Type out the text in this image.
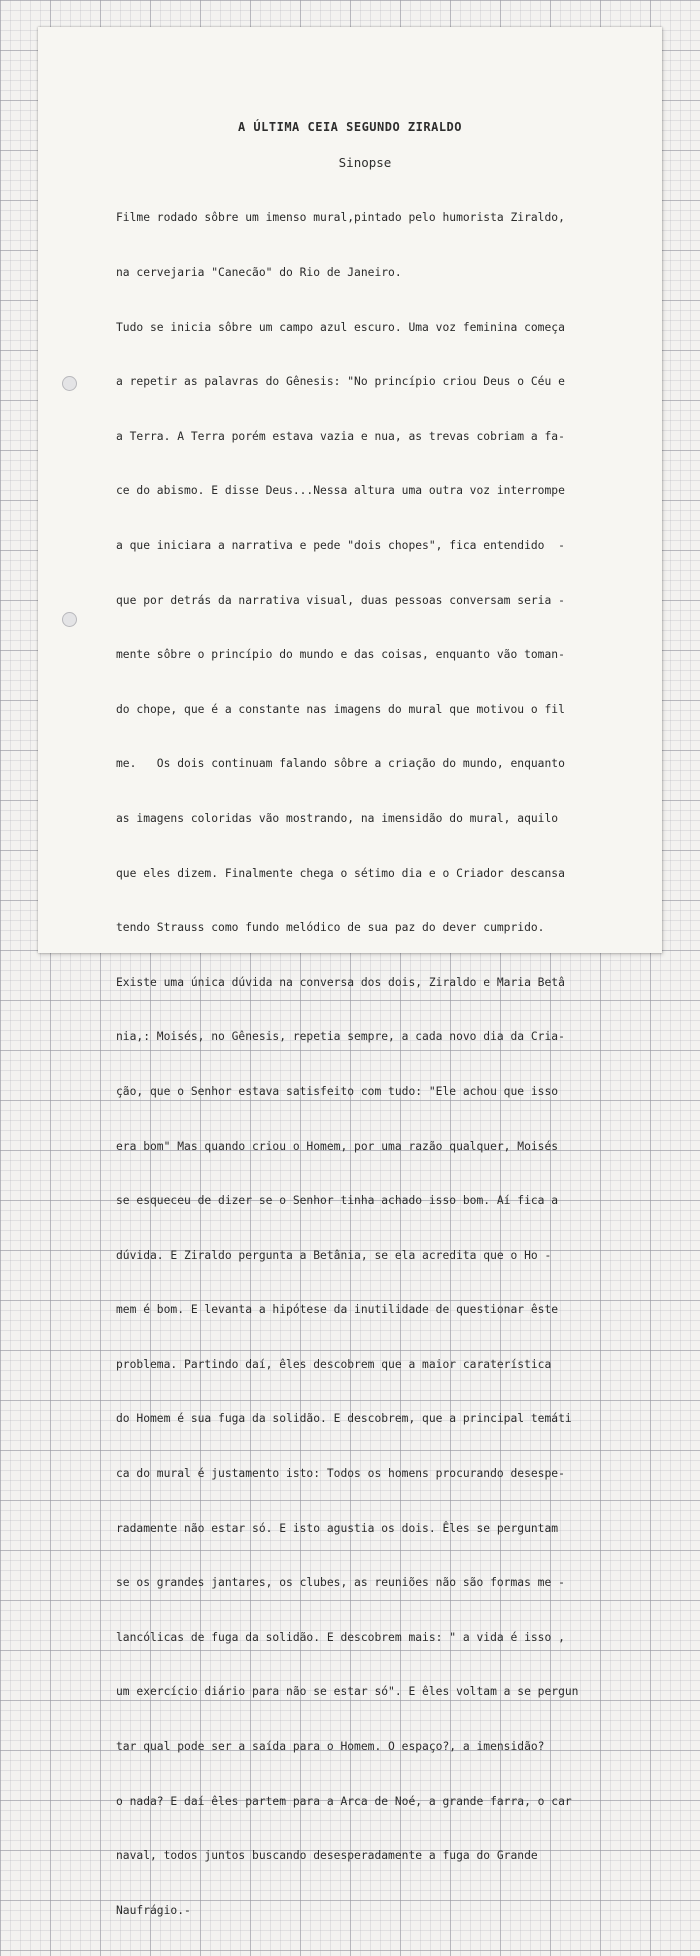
A ÚLTIMA CEIA SEGUNDO ZIRALDO
Sinopse

Filme rodado sôbre um imenso mural,pintado pelo humorista Ziraldo,

na cervejaria "Canecão" do Rio de Janeiro.

Tudo se inicia sôbre um campo azul escuro. Uma voz feminina começa

a repetir as palavras do Gênesis: "No princípio criou Deus o Céu e

a Terra. A Terra porém estava vazia e nua, as trevas cobriam a fa-

ce do abismo. E disse Deus...Nessa altura uma outra voz interrompe

a que iniciara a narrativa e pede "dois chopes", fica entendido  -

que por detrás da narrativa visual, duas pessoas conversam seria -

mente sôbre o princípio do mundo e das coisas, enquanto vão toman-

do chope, que é a constante nas imagens do mural que motivou o fil

me.   Os dois continuam falando sôbre a criação do mundo, enquanto

as imagens coloridas vão mostrando, na imensidão do mural, aquilo

que eles dizem. Finalmente chega o sétimo dia e o Criador descansa

tendo Strauss como fundo melódico de sua paz do dever cumprido.

Existe uma única dúvida na conversa dos dois, Ziraldo e Maria Betâ

nia,: Moisés, no Gênesis, repetia sempre, a cada novo dia da Cria-

ção, que o Senhor estava satisfeito com tudo: "Ele achou que isso

era bom" Mas quando criou o Homem, por uma razão qualquer, Moisés

se esqueceu de dizer se o Senhor tinha achado isso bom. Aí fica a

dúvida. E Ziraldo pergunta a Betânia, se ela acredita que o Ho -

mem é bom. E levanta a hipótese da inutilidade de questionar êste

problema. Partindo daí, êles descobrem que a maior caraterística

do Homem é sua fuga da solidão. E descobrem, que a principal temáti

ca do mural é justamento isto: Todos os homens procurando desespe-

radamente não estar só. E isto agustia os dois. Êles se perguntam

se os grandes jantares, os clubes, as reuniões não são formas me -

lancólicas de fuga da solidão. E descobrem mais: " a vida é isso ,

um exercício diário para não se estar só". E êles voltam a se pergun

tar qual pode ser a saída para o Homem. O espaço?, a imensidão?

o nada? E daí êles partem para a Arca de Noé, a grande farra, o car

naval, todos juntos buscando desesperadamente a fuga do Grande

Naufrágio.-
